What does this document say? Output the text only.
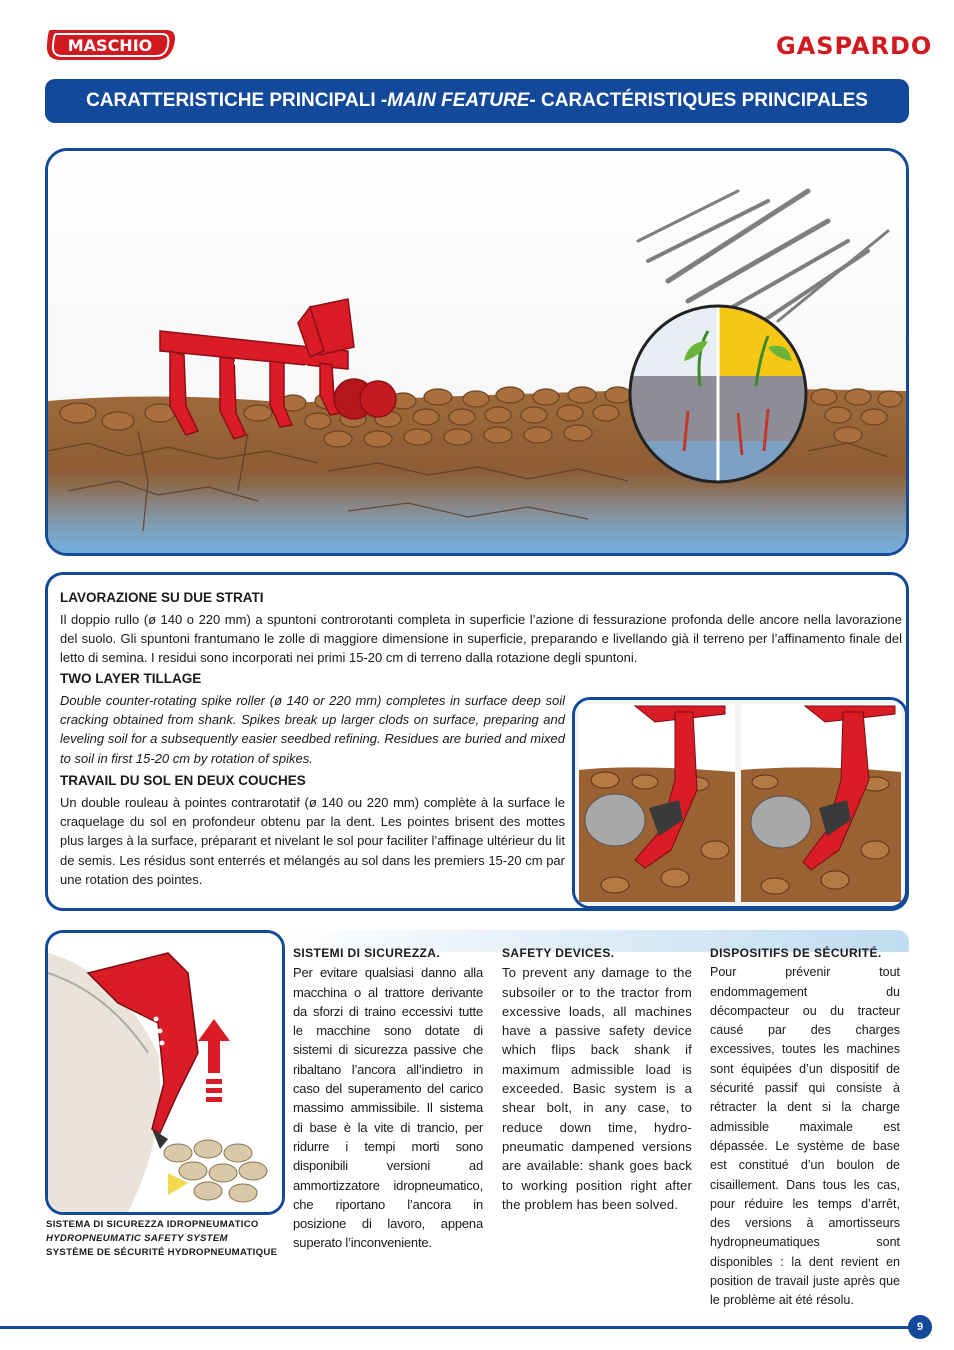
MASCHIO	GASPARDO
CARATTERISTICHE PRINCIPALI - MAIN FEATURE - CARACTÉRISTIQUES PRINCIPALES
LAVORAZIONE SU DUE STRATI
Il doppio rullo (ø 140 o 220 mm) a spuntoni controrotanti completa in superficie l’azione di fessurazione profonda delle ancore nella lavorazione del suolo. Gli spuntoni frantumano le zolle di maggiore dimensione in superficie, preparando e livellando già il terreno per l’affinamento finale del letto di semina. I residui sono incorporati nei primi 15-20 cm di terreno dalla rotazione degli spuntoni.
TWO LAYER TILLAGE
Double counter-rotating spike roller (ø 140 or 220 mm) completes in surface deep soil cracking obtained from shank. Spikes break up larger clods on surface, preparing and leveling soil for a subsequently easier seedbed refining. Residues are buried and mixed to soil in first 15-20 cm by rotation of spikes.
TRAVAIL DU SOL EN DEUX COUCHES
Un double rouleau à pointes contrarotatif (ø 140 ou 220 mm) complète à la surface le craquelage du sol en profondeur obtenu par la dent. Les pointes brisent des mottes plus larges à la surface, préparant et nivelant le sol pour faciliter l’affinage ultérieur du lit de semis. Les résidus sont enterrés et mélangés au sol dans les premiers 15-20 cm par une rotation des pointes.
SISTEMA DI SICUREZZA IDROPNEUMATICO
HYDROPNEUMATIC SAFETY SYSTEM
SYSTÈME DE SÉCURITÉ HYDROPNEUMATIQUE
SISTEMI DI SICUREZZA.
Per evitare qualsiasi danno alla macchina o al trattore derivante da sforzi di traino eccessivi tutte le macchine sono dotate di sistemi di sicurezza passive che ribaltano l’ancora all’indietro in caso del superamento del carico massimo ammissibile. Il sistema di base è la vite di trancio, per ridurre i tempi morti sono disponibili versioni ad ammortizzatore idropneumatico, che riportano l’ancora in posizione di lavoro, appena superato l’inconveniente.
SAFETY DEVICES.
To prevent any damage to the subsoiler or to the tractor from excessive loads, all machines have a passive safety device which flips back shank if maximum admissible load is exceeded. Basic system is a shear bolt, in any case, to reduce down time, hydro-pneumatic dampened versions are available: shank goes back to working position right after the problem has been solved.
DISPOSITIFS DE SÉCURITÉ.
Pour prévenir tout endommagement du décompacteur ou du tracteur causé par des charges excessives, toutes les machines sont équipées d’un dispositif de sécurité passif qui consiste à rétracter la dent si la charge admissible maximale est dépassée. Le système de base est constitué d’un boulon de cisaillement. Dans tous les cas, pour réduire les temps d’arrêt, des versions à amortisseurs hydropneumatiques sont disponibles : la dent revient en position de travail juste après que le problème ait été résolu.
9
